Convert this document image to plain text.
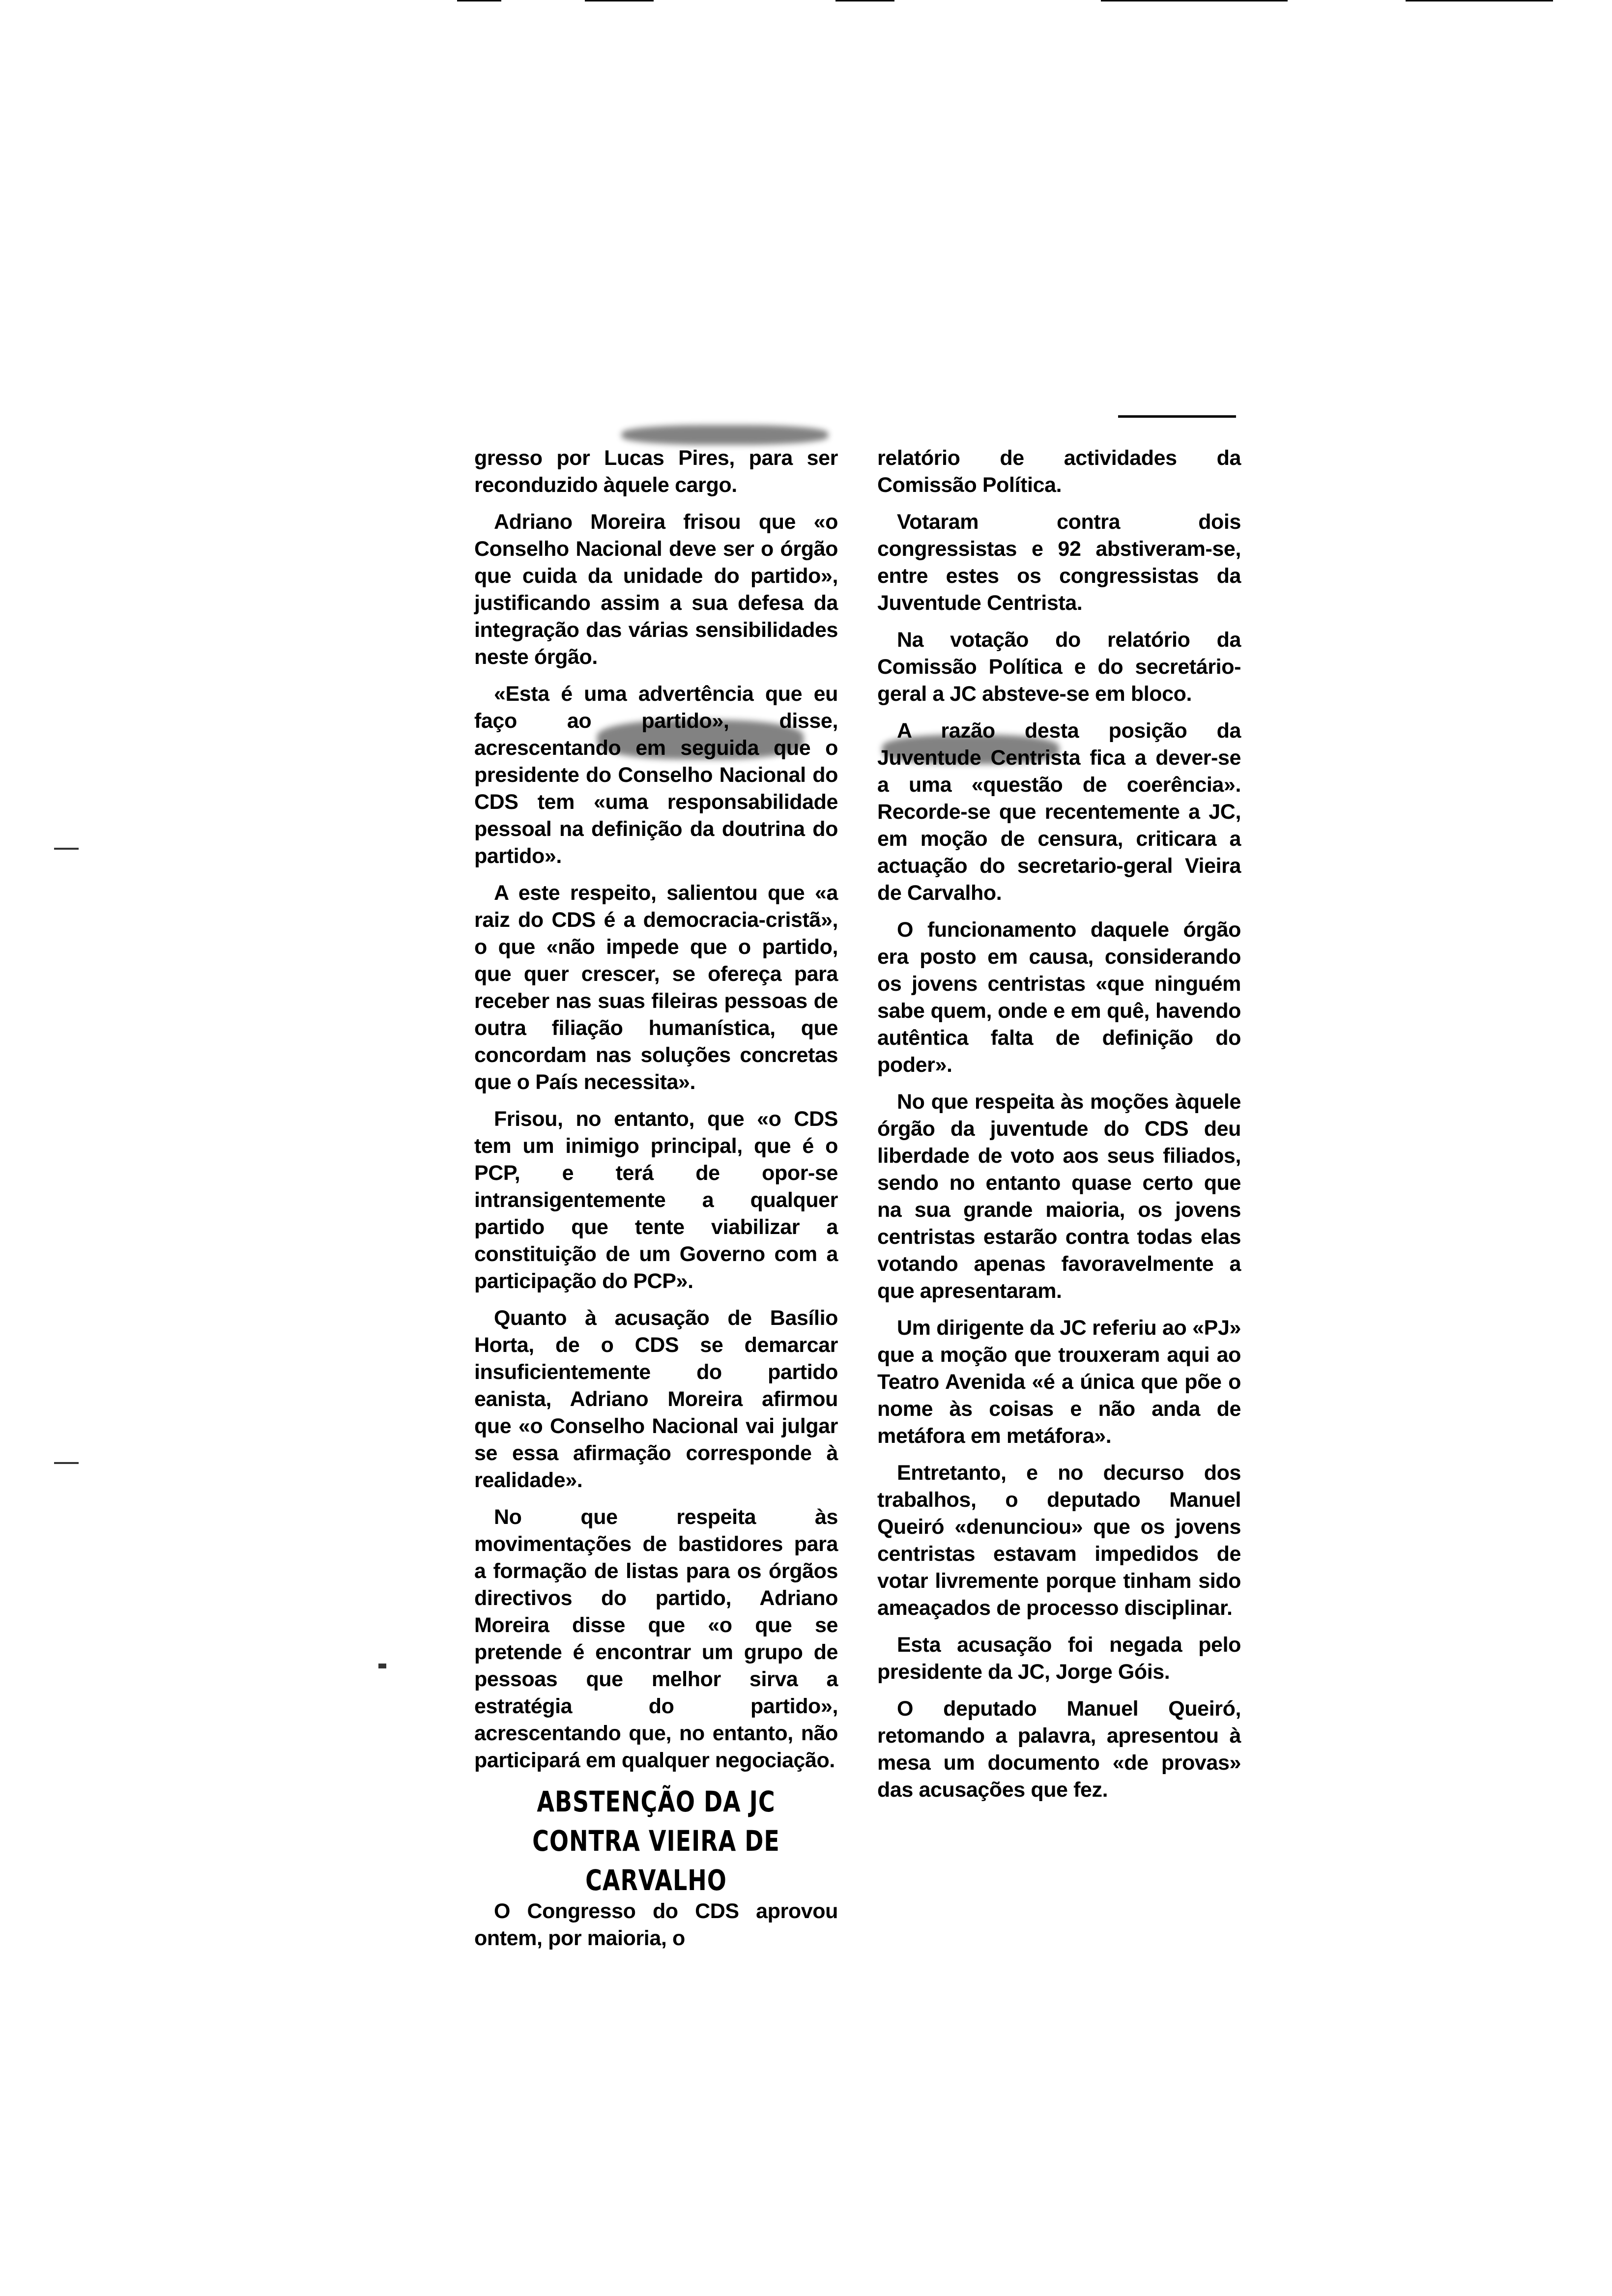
gresso por Lucas Pires, para ser reconduzido àquele cargo.

Adriano Moreira frisou que «o Conselho Nacional deve ser o órgão que cuida da unidade do partido», justificando assim a sua defesa da integração das várias sensibilidades neste órgão.

«Esta é uma advertência que eu faço ao partido», disse, acrescentando em seguida que o presidente do Conselho Nacional do CDS tem «uma responsabilidade pessoal na definição da doutrina do partido».

A este respeito, salientou que «a raiz do CDS é a democracia-cristã», o que «não impede que o partido, que quer crescer, se ofereça para receber nas suas fileiras pessoas de outra filiação humanística, que concordam nas soluções concretas que o País necessita».

Frisou, no entanto, que «o CDS tem um inimigo principal, que é o PCP, e terá de opor-se intransigentemente a qualquer partido que tente viabilizar a constituição de um Governo com a participação do PCP».

Quanto à acusação de Basílio Horta, de o CDS se demarcar insuficientemente do partido eanista, Adriano Moreira afirmou que «o Conselho Nacional vai julgar se essa afirmação corresponde à realidade».

No que respeita às movimentações de bastidores para a formação de listas para os órgãos directivos do partido, Adriano Moreira disse que «o que se pretende é encontrar um grupo de pessoas que melhor sirva a estratégia do partido», acrescentando que, no entanto, não participará em qualquer negociação.

ABSTENÇÃO DA JC
CONTRA VIEIRA DE CARVALHO

O Congresso do CDS aprovou ontem, por maioria, o

relatório de actividades da Comissão Política.

Votaram contra dois congressistas e 92 abstiveram-se, entre estes os congressistas da Juventude Centrista.

Na votação do relatório da Comissão Política e do secretário-geral a JC absteve-se em bloco.

A razão desta posição da Juventude Centrista fica a dever-se a uma «questão de coerência». Recorde-se que recentemente a JC, em moção de censura, criticara a actuação do secretario-geral Vieira de Carvalho.

O funcionamento daquele órgão era posto em causa, considerando os jovens centristas «que ninguém sabe quem, onde e em quê, havendo autêntica falta de definição do poder».

No que respeita às moções àquele órgão da juventude do CDS deu liberdade de voto aos seus filiados, sendo no entanto quase certo que na sua grande maioria, os jovens centristas estarão contra todas elas votando apenas favoravelmente a que apresentaram.

Um dirigente da JC referiu ao «PJ» que a moção que trouxeram aqui ao Teatro Avenida «é a única que põe o nome às coisas e não anda de metáfora em metáfora».

Entretanto, e no decurso dos trabalhos, o deputado Manuel Queiró «denunciou» que os jovens centristas estavam impedidos de votar livremente porque tinham sido ameaçados de processo disciplinar.

Esta acusação foi negada pelo presidente da JC, Jorge Góis.

O deputado Manuel Queiró, retomando a palavra, apresentou à mesa um documento «de provas» das acusações que fez.
